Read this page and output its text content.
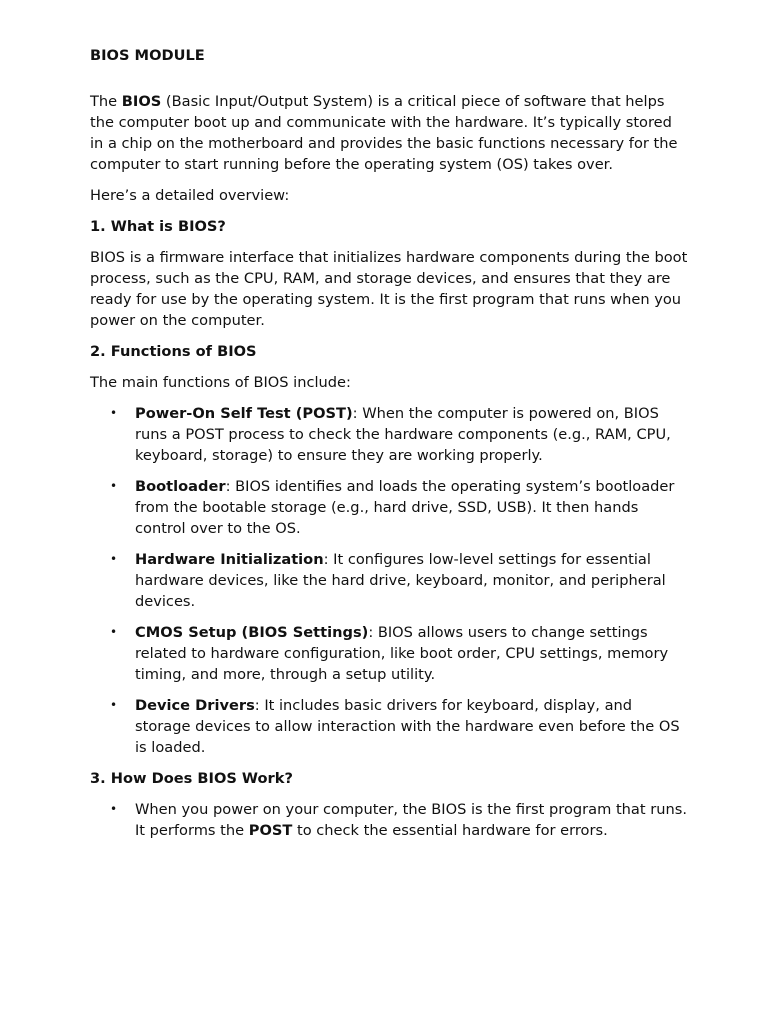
BIOS MODULE

The BIOS (Basic Input/Output System) is a critical piece of software that helps the computer boot up and communicate with the hardware. It’s typically stored in a chip on the motherboard and provides the basic functions necessary for the computer to start running before the operating system (OS) takes over.

Here’s a detailed overview:

1. What is BIOS?

BIOS is a firmware interface that initializes hardware components during the boot process, such as the CPU, RAM, and storage devices, and ensures that they are ready for use by the operating system. It is the first program that runs when you power on the computer.

2. Functions of BIOS

The main functions of BIOS include:

• Power-On Self Test (POST): When the computer is powered on, BIOS runs a POST process to check the hardware components (e.g., RAM, CPU, keyboard, storage) to ensure they are working properly.
• Bootloader: BIOS identifies and loads the operating system’s bootloader from the bootable storage (e.g., hard drive, SSD, USB). It then hands control over to the OS.
• Hardware Initialization: It configures low-level settings for essential hardware devices, like the hard drive, keyboard, monitor, and peripheral devices.
• CMOS Setup (BIOS Settings): BIOS allows users to change settings related to hardware configuration, like boot order, CPU settings, memory timing, and more, through a setup utility.
• Device Drivers: It includes basic drivers for keyboard, display, and storage devices to allow interaction with the hardware even before the OS is loaded.
3. How Does BIOS Work?
• When you power on your computer, the BIOS is the first program that runs. It performs the POST to check the essential hardware for errors.
